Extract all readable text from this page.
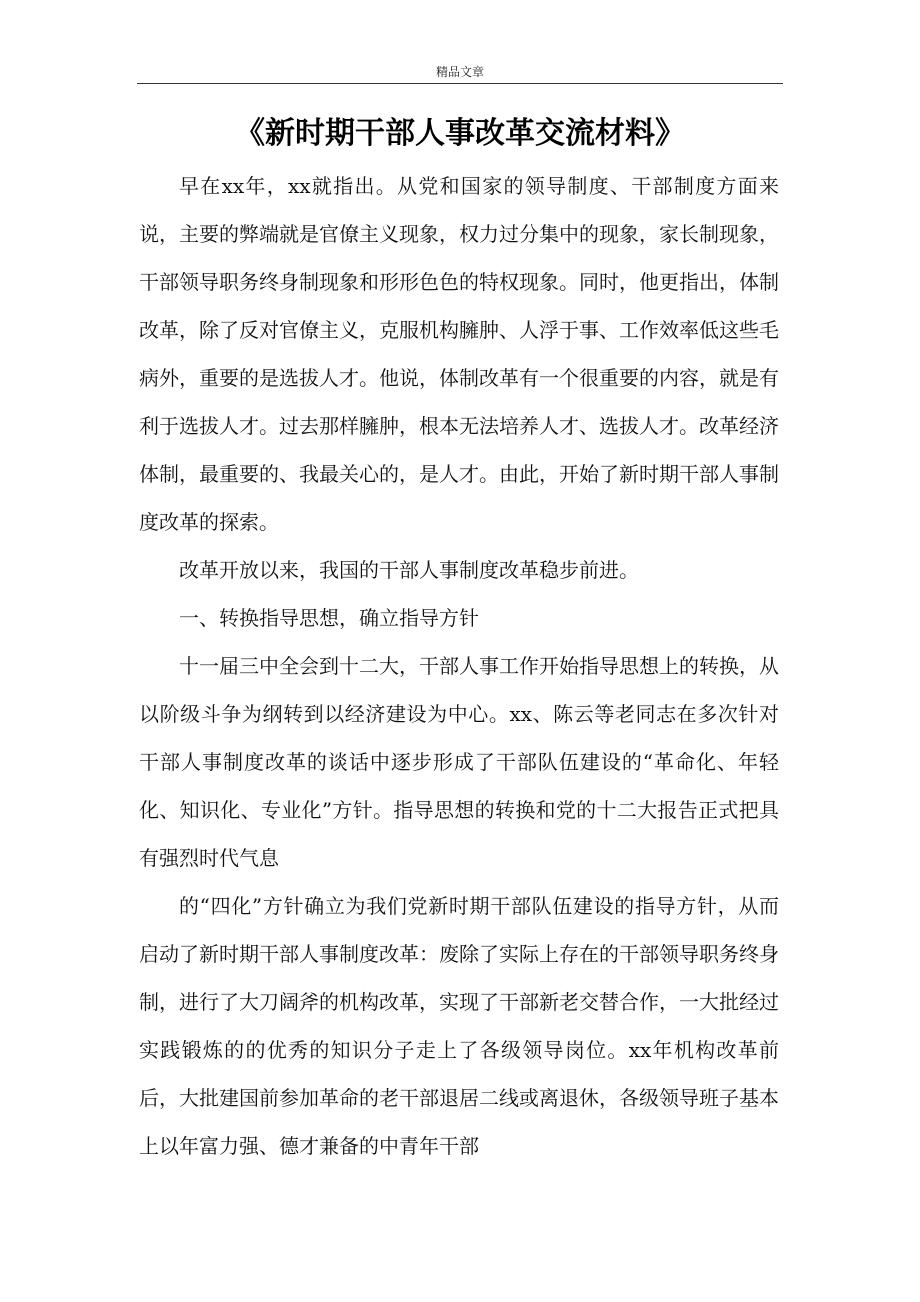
精品文章
《新时期干部人事改革交流材料》

早在xx年，xx就指出。从党和国家的领导制度、干部制度方面来说，主要的弊端就是官僚主义现象，权力过分集中的现象，家长制现象，干部领导职务终身制现象和形形色色的特权现象。同时，他更指出，体制改革，除了反对官僚主义，克服机构臃肿、人浮于事、工作效率低这些毛病外，重要的是选拔人才。他说，体制改革有一个很重要的内容，就是有利于选拔人才。过去那样臃肿，根本无法培养人才、选拔人才。改革经济体制，最重要的、我最关心的，是人才。由此，开始了新时期干部人事制度改革的探索。

改革开放以来，我国的干部人事制度改革稳步前进。

一、转换指导思想，确立指导方针

十一届三中全会到十二大，干部人事工作开始指导思想上的转换，从以阶级斗争为纲转到以经济建设为中心。xx、陈云等老同志在多次针对干部人事制度改革的谈话中逐步形成了干部队伍建设的“革命化、年轻化、知识化、专业化”方针。指导思想的转换和党的十二大报告正式把具有强烈时代气息

的“四化”方针确立为我们党新时期干部队伍建设的指导方针，从而启动了新时期干部人事制度改革：废除了实际上存在的干部领导职务终身制，进行了大刀阔斧的机构改革，实现了干部新老交替合作，一大批经过实践锻炼的的优秀的知识分子走上了各级领导岗位。xx年机构改革前后，大批建国前参加革命的老干部退居二线或离退休，各级领导班子基本上以年富力强、德才兼备的中青年干部
